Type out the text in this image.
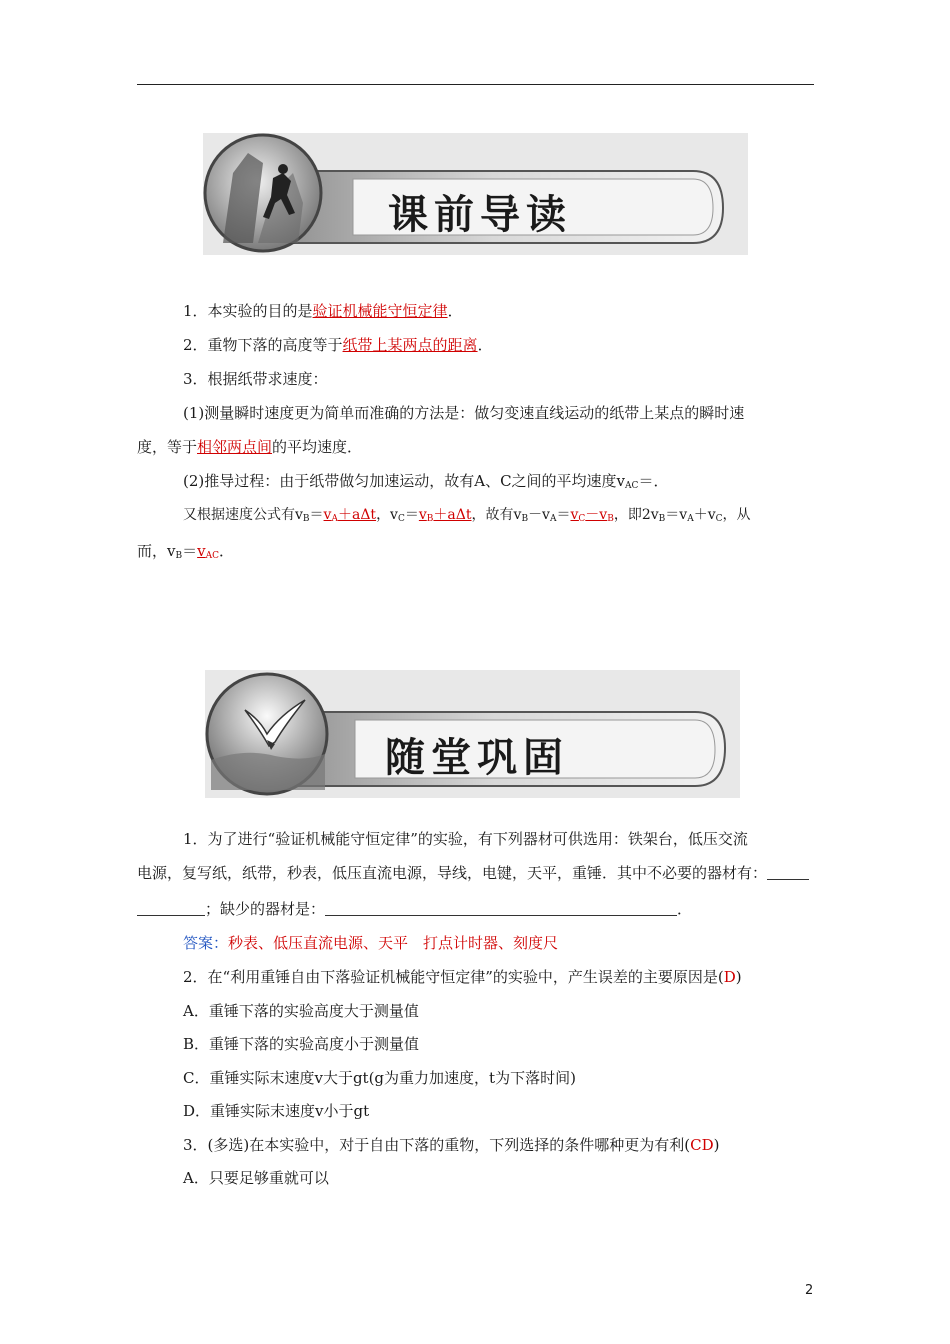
课前导读
1．本实验的目的是验证机械能守恒定律．
2．重物下落的高度等于纸带上某两点的距离．
3．根据纸带求速度：
(1)测量瞬时速度更为简单而准确的方法是：做匀变速直线运动的纸带上某点的瞬时速
度，等于相邻两点间的平均速度．
(2)推导过程：由于纸带做匀加速运动，故有A、C之间的平均速度$v_{AC}=$．
又根据速度公式有$v_B=v_A+a\Delta t$，$v_C=v_B+a\Delta t$，故有$v_B-v_A=v_C-v_B$，即$2v_B=v_A+v_C$，从
而，$v_B=v_{AC}$．
随堂巩固
1．为了进行“验证机械能守恒定律”的实验，有下列器材可供选用：铁架台，低压交流
电源，复写纸，纸带，秒表，低压直流电源，导线，电键，天平，重锤．其中不必要的器材有：
；缺少的器材是：	．
答案：秒表、低压直流电源、天平　打点计时器、刻度尺
2．在“利用重锤自由下落验证机械能守恒定律”的实验中，产生误差的主要原因是(D)
A．重锤下落的实验高度大于测量值
B．重锤下落的实验高度小于测量值
C．重锤实际末速度v大于gt(g为重力加速度，t为下落时间)
D．重锤实际末速度v小于gt
3．(多选)在本实验中，对于自由下落的重物，下列选择的条件哪种更为有利(CD)
A．只要足够重就可以
2
